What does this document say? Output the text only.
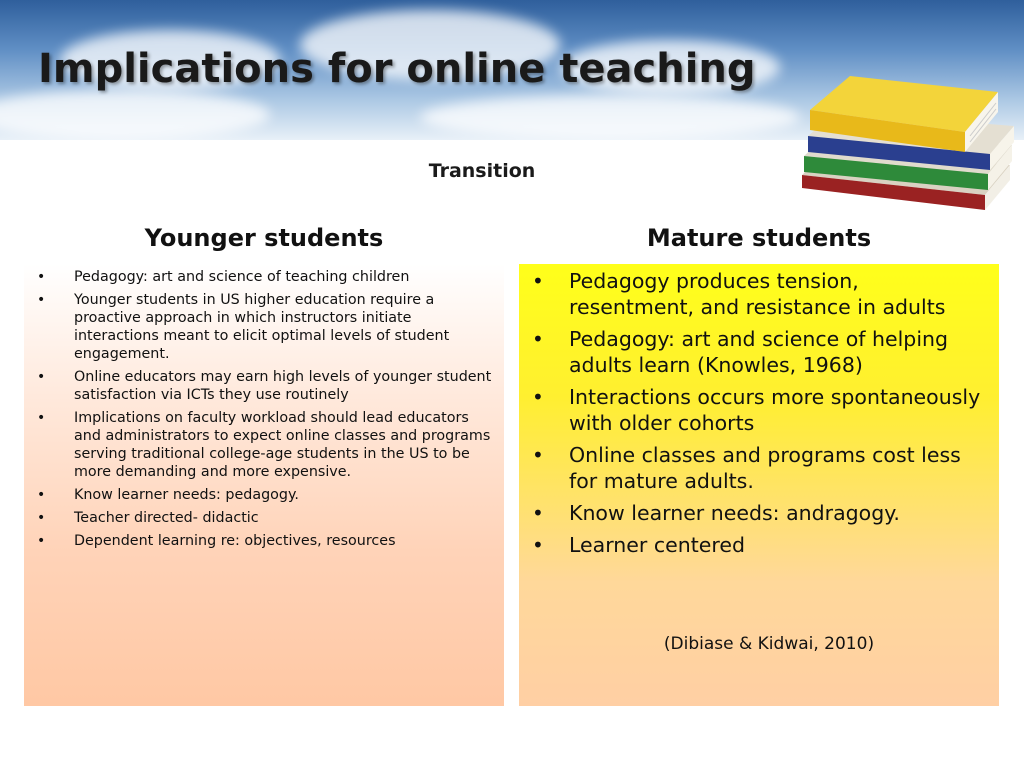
Implications for online teaching
Transition
Younger students	Mature students
• Pedagogy: art and science of teaching children
• Younger students in US higher education require a proactive approach in which instructors initiate interactions meant to elicit optimal levels of student engagement.
• Online educators may earn high levels of younger student satisfaction via ICTs they use routinely
• Implications on faculty workload should lead educators and administrators to expect online classes and programs serving traditional college-age students in the US to be more demanding and more expensive.
• Know learner needs: pedagogy.
• Teacher directed- didactic
• Dependent learning re: objectives, resources
• Pedagogy produces tension, resentment, and resistance in adults
• Pedagogy: art and science of helping adults learn (Knowles, 1968)
• Interactions occurs more spontaneously with older cohorts
• Online classes and programs cost less for mature adults.
• Know learner needs: andragogy.
• Learner centered
(Dibiase & Kidwai, 2010)
